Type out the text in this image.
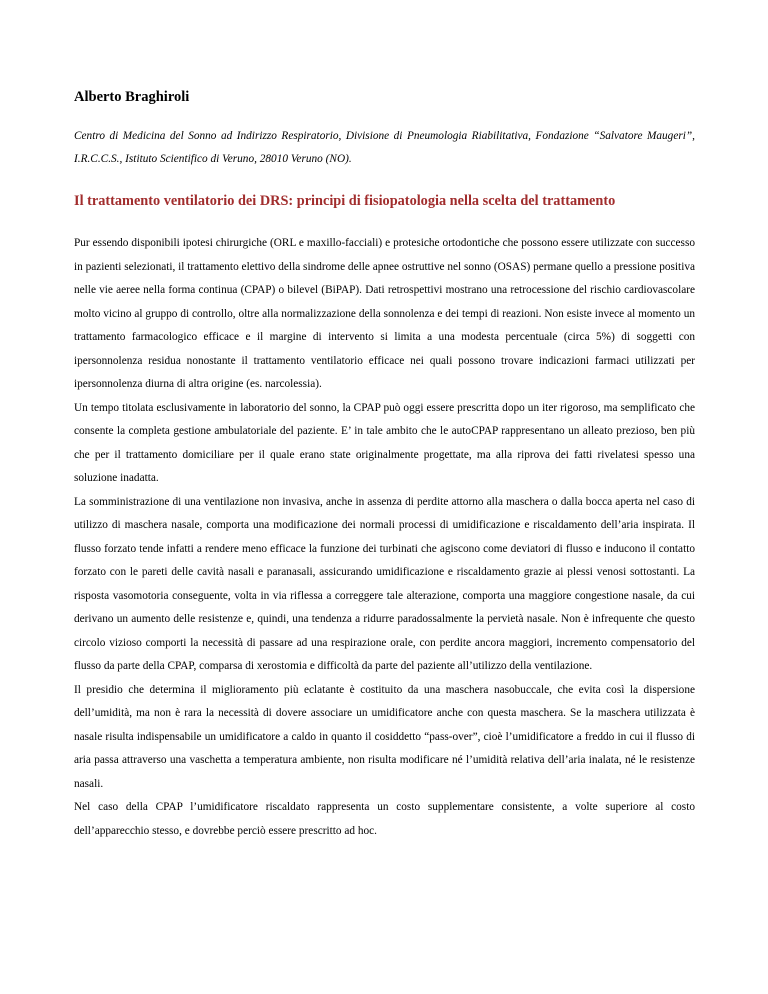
Alberto Braghiroli

Centro di Medicina del Sonno ad Indirizzo Respiratorio, Divisione di Pneumologia Riabilitativa, Fondazione “Salvatore Maugeri”, I.R.C.C.S., Istituto Scientifico di Veruno, 28010 Veruno (NO).

Il trattamento ventilatorio dei DRS: principi di fisiopatologia nella scelta del trattamento

Pur essendo disponibili ipotesi chirurgiche (ORL e maxillo-facciali) e protesiche ortodontiche che possono essere utilizzate con successo in pazienti selezionati, il trattamento elettivo della sindrome delle apnee ostruttive nel sonno (OSAS) permane quello a pressione positiva nelle vie aeree nella forma continua (CPAP) o bilevel (BiPAP). Dati retrospettivi mostrano una retrocessione del rischio cardiovascolare molto vicino al gruppo di controllo, oltre alla normalizzazione della sonnolenza e dei tempi di reazioni. Non esiste invece al momento un trattamento farmacologico efficace e il margine di intervento si limita a una modesta percentuale (circa 5%) di soggetti con ipersonnolenza residua nonostante il trattamento ventilatorio efficace nei quali possono trovare indicazioni farmaci utilizzati per ipersonnolenza diurna di altra origine (es. narcolessia).

Un tempo titolata esclusivamente in laboratorio del sonno, la CPAP può oggi essere prescritta dopo un iter rigoroso, ma semplificato che consente la completa gestione ambulatoriale del paziente. E’ in tale ambito che le autoCPAP rappresentano un alleato prezioso, ben più che per il trattamento domiciliare per il quale erano state originalmente progettate, ma alla riprova dei fatti rivelatesi spesso una soluzione inadatta.

La somministrazione di una ventilazione non invasiva, anche in assenza di perdite attorno alla maschera o dalla bocca aperta nel caso di utilizzo di maschera nasale, comporta una modificazione dei normali processi di umidificazione e riscaldamento dell’aria inspirata. Il flusso forzato tende infatti a rendere meno efficace la funzione dei turbinati che agiscono come deviatori di flusso e inducono il contatto forzato con le pareti delle cavità nasali e paranasali, assicurando umidificazione e riscaldamento grazie ai plessi venosi sottostanti. La risposta vasomotoria conseguente, volta in via riflessa a correggere tale alterazione, comporta una maggiore congestione nasale, da cui derivano un aumento delle resistenze e, quindi, una tendenza a ridurre paradossalmente la pervietà nasale. Non è infrequente che questo circolo vizioso comporti la necessità di passare ad una respirazione orale, con perdite ancora maggiori, incremento compensatorio del flusso da parte della CPAP, comparsa di xerostomia e difficoltà da parte del paziente all’utilizzo della ventilazione.

Il presidio che determina il miglioramento più eclatante è costituito da una maschera nasobuccale, che evita così la dispersione dell’umidità, ma non è rara la necessità di dovere associare un umidificatore anche con questa maschera. Se la maschera utilizzata è nasale risulta indispensabile un umidificatore a caldo in quanto il cosiddetto “pass-over”, cioè l’umidificatore a freddo in cui il flusso di aria passa attraverso una vaschetta a temperatura ambiente, non risulta modificare né l’umidità relativa dell’aria inalata, né le resistenze nasali.

Nel caso della CPAP l’umidificatore riscaldato rappresenta un costo supplementare consistente, a volte superiore al costo dell’apparecchio stesso, e dovrebbe perciò essere prescritto ad hoc.
